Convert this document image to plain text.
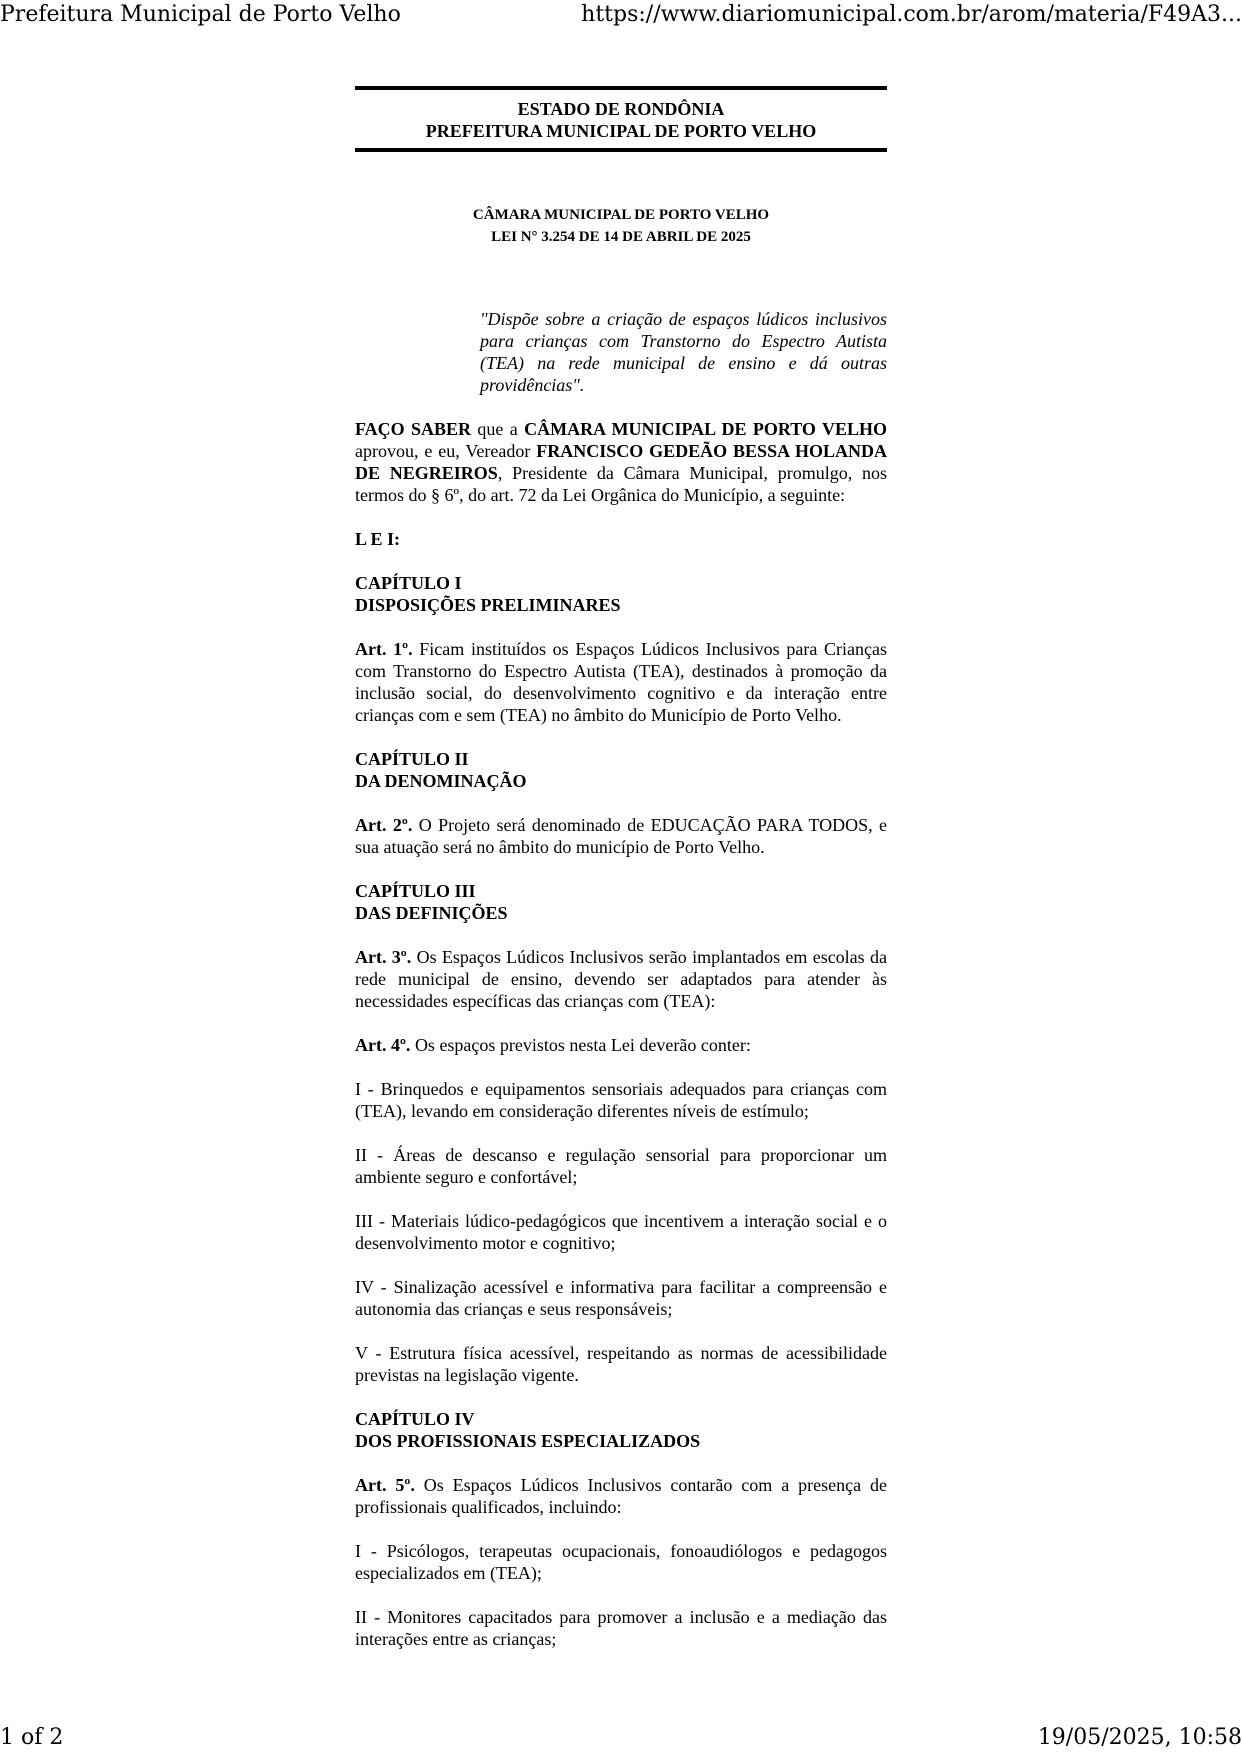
Prefeitura Municipal de Porto Velho	https://www.diariomunicipal.com.br/arom/materia/F49A3...
ESTADO DE RONDÔNIA
PREFEITURA MUNICIPAL DE PORTO VELHO
CÂMARA MUNICIPAL DE PORTO VELHO
LEI N° 3.254 DE 14 DE ABRIL DE 2025
"Dispõe sobre a criação de espaços lúdicos inclusivos para crianças com Transtorno do Espectro Autista (TEA) na rede municipal de ensino e dá outras providências".
FAÇO SABER que a CÂMARA MUNICIPAL DE PORTO VELHO aprovou, e eu, Vereador FRANCISCO GEDEÃO BESSA HOLANDA DE NEGREIROS, Presidente da Câmara Municipal, promulgo, nos termos do § 6º, do art. 72 da Lei Orgânica do Município, a seguinte:
L E I:
CAPÍTULO I
DISPOSIÇÕES PRELIMINARES
Art. 1º. Ficam instituídos os Espaços Lúdicos Inclusivos para Crianças com Transtorno do Espectro Autista (TEA), destinados à promoção da inclusão social, do desenvolvimento cognitivo e da interação entre crianças com e sem (TEA) no âmbito do Município de Porto Velho.
CAPÍTULO II
DA DENOMINAÇÃO
Art. 2º. O Projeto será denominado de EDUCAÇÃO PARA TODOS, e sua atuação será no âmbito do município de Porto Velho.
CAPÍTULO III
DAS DEFINIÇÕES
Art. 3º. Os Espaços Lúdicos Inclusivos serão implantados em escolas da rede municipal de ensino, devendo ser adaptados para atender às necessidades específicas das crianças com (TEA):
Art. 4º. Os espaços previstos nesta Lei deverão conter:
I - Brinquedos e equipamentos sensoriais adequados para crianças com (TEA), levando em consideração diferentes níveis de estímulo;
II - Áreas de descanso e regulação sensorial para proporcionar um ambiente seguro e confortável;
III - Materiais lúdico-pedagógicos que incentivem a interação social e o desenvolvimento motor e cognitivo;
IV - Sinalização acessível e informativa para facilitar a compreensão e autonomia das crianças e seus responsáveis;
V - Estrutura física acessível, respeitando as normas de acessibilidade previstas na legislação vigente.
CAPÍTULO IV
DOS PROFISSIONAIS ESPECIALIZADOS
Art. 5º. Os Espaços Lúdicos Inclusivos contarão com a presença de profissionais qualificados, incluindo:
I - Psicólogos, terapeutas ocupacionais, fonoaudiólogos e pedagogos especializados em (TEA);
II - Monitores capacitados para promover a inclusão e a mediação das interações entre as crianças;
1 of 2	19/05/2025, 10:58
